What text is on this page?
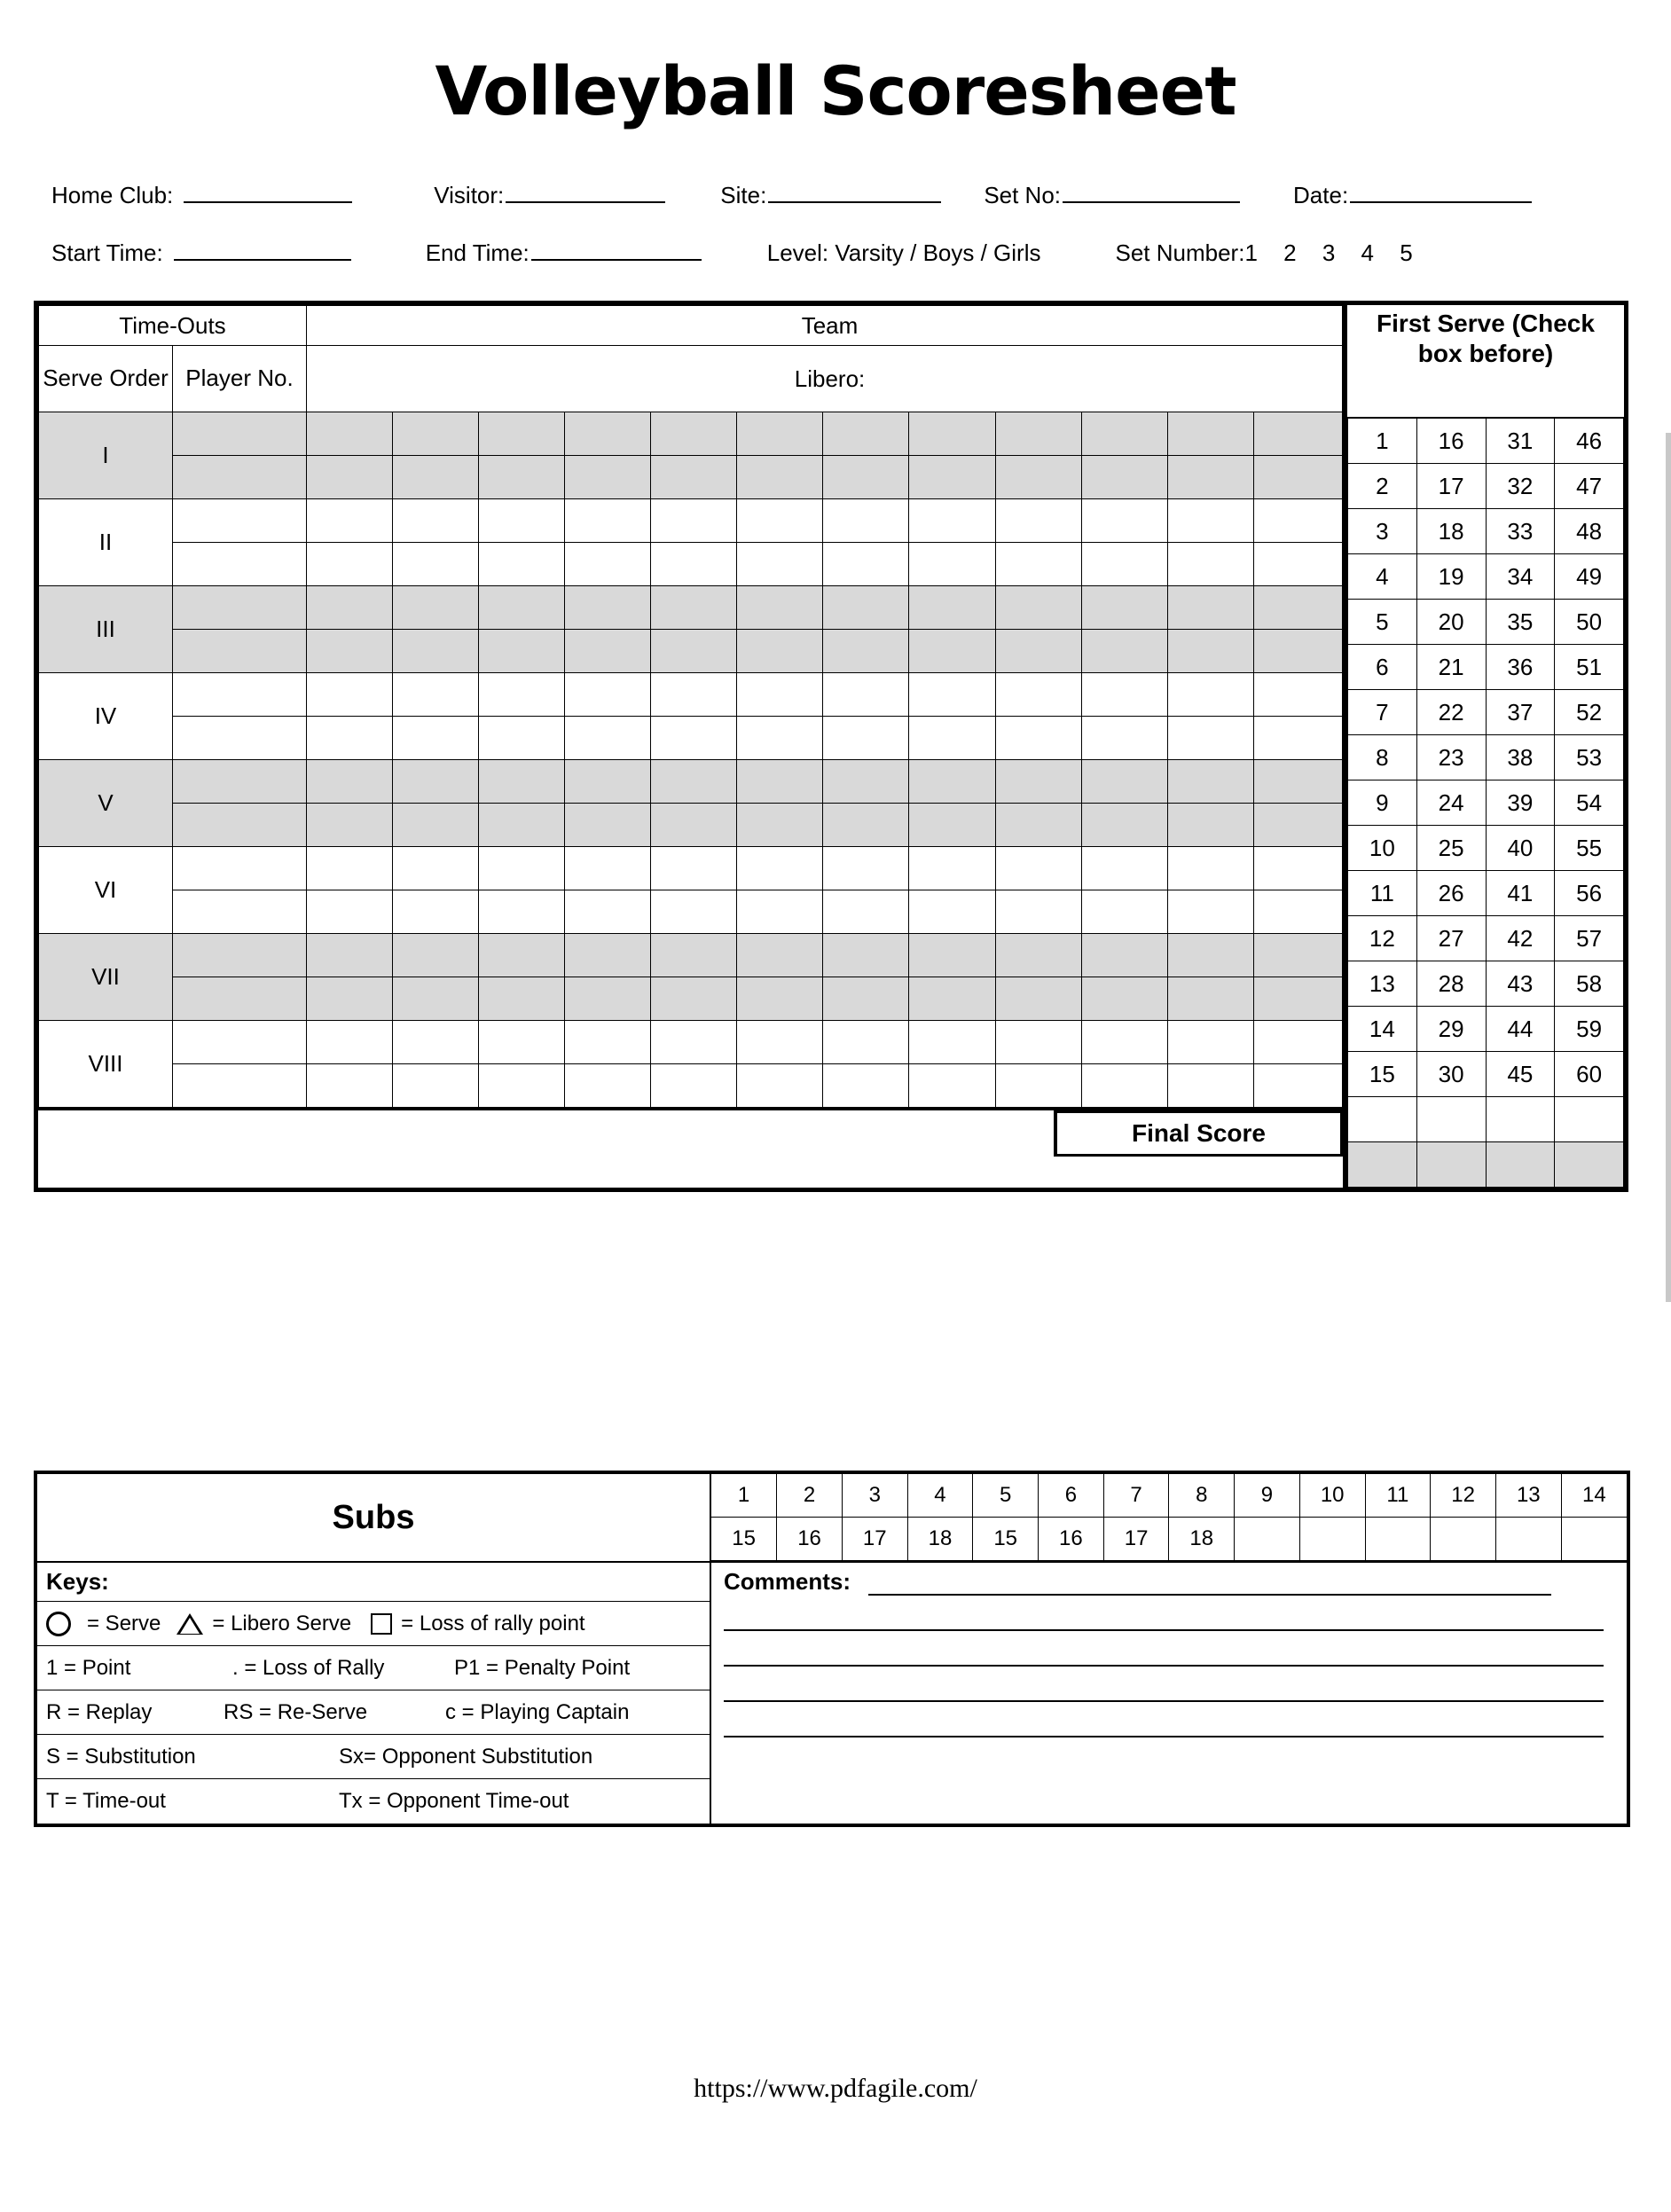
Volleyball Scoresheet
Home Club:	Visitor:	Site:	Set No:	Date:
Start Time:	End Time:	Level: Varsity / Boys / Girls	Set Number: 1 2 3 4 5
Time-Outs		Team											
Serve Order	Player No.	Libero:											
I													

II													

III													

IV													

V													

VI													

VII													

VIII													

Final Score
First Serve (Check box before)
1	16	31	46
2	17	32	47
3	18	33	48
4	19	34	49
5	20	35	50
6	21	36	51
7	22	37	52
8	23	38	53
9	24	39	54
10	25	40	55
11	26	41	56
12	27	42	57
13	28	43	58
14	29	44	59
15	30	45	60

Subs
1	2	3	4	5	6	7	8	9	10	11	12	13	14
15	16	17	18	15	16	17	18						
Keys:
= Serve = Libero Serve = Loss of rally point
1 = Point	. = Loss of Rally	P1 = Penalty Point
R = Replay	RS = Re-Serve	c = Playing Captain
S = Substitution	Sx= Opponent Substitution
T = Time-out	Tx = Opponent Time-out
Comments:
https://www.pdfagile.com/
